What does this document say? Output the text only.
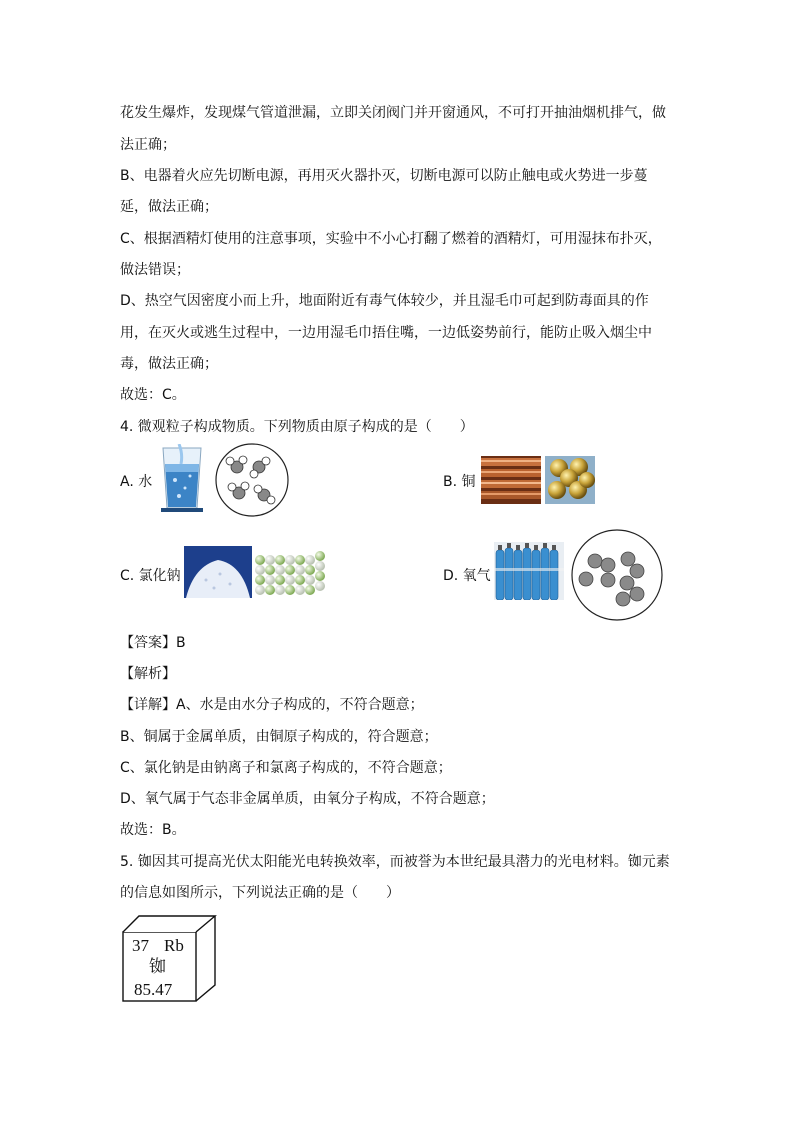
花发生爆炸，发现煤气管道泄漏，立即关闭阀门并开窗通风，不可打开抽油烟机排气，做
法正确；
B、电器着火应先切断电源，再用灭火器扑灭，切断电源可以防止触电或火势进一步蔓
延，做法正确；
C、根据酒精灯使用的注意事项，实验中不小心打翻了燃着的酒精灯，可用湿抹布扑灭，
做法错误；
D、热空气因密度小而上升，地面附近有毒气体较少，并且湿毛巾可起到防毒面具的作
用，在灭火或逃生过程中，一边用湿毛巾捂住嘴，一边低姿势前行，能防止吸入烟尘中
毒，做法正确；
故选：C。
4. 微观粒子构成物质。下列物质由原子构成的是（　　）
A. 水	B. 铜
C. 氯化钠	D. 氧气
【答案】B
【解析】
【详解】A、水是由水分子构成的，不符合题意；
B、铜属于金属单质，由铜原子构成的，符合题意；
C、氯化钠是由钠离子和氯离子构成的，不符合题意；
D、氧气属于气态非金属单质，由氧分子构成，不符合题意；
故选：B。
5. 铷因其可提高光伏太阳能光电转换效率，而被誉为本世纪最具潜力的光电材料。铷元素
的信息如图所示，下列说法正确的是（　　）
37 Rb
铷
85.47
